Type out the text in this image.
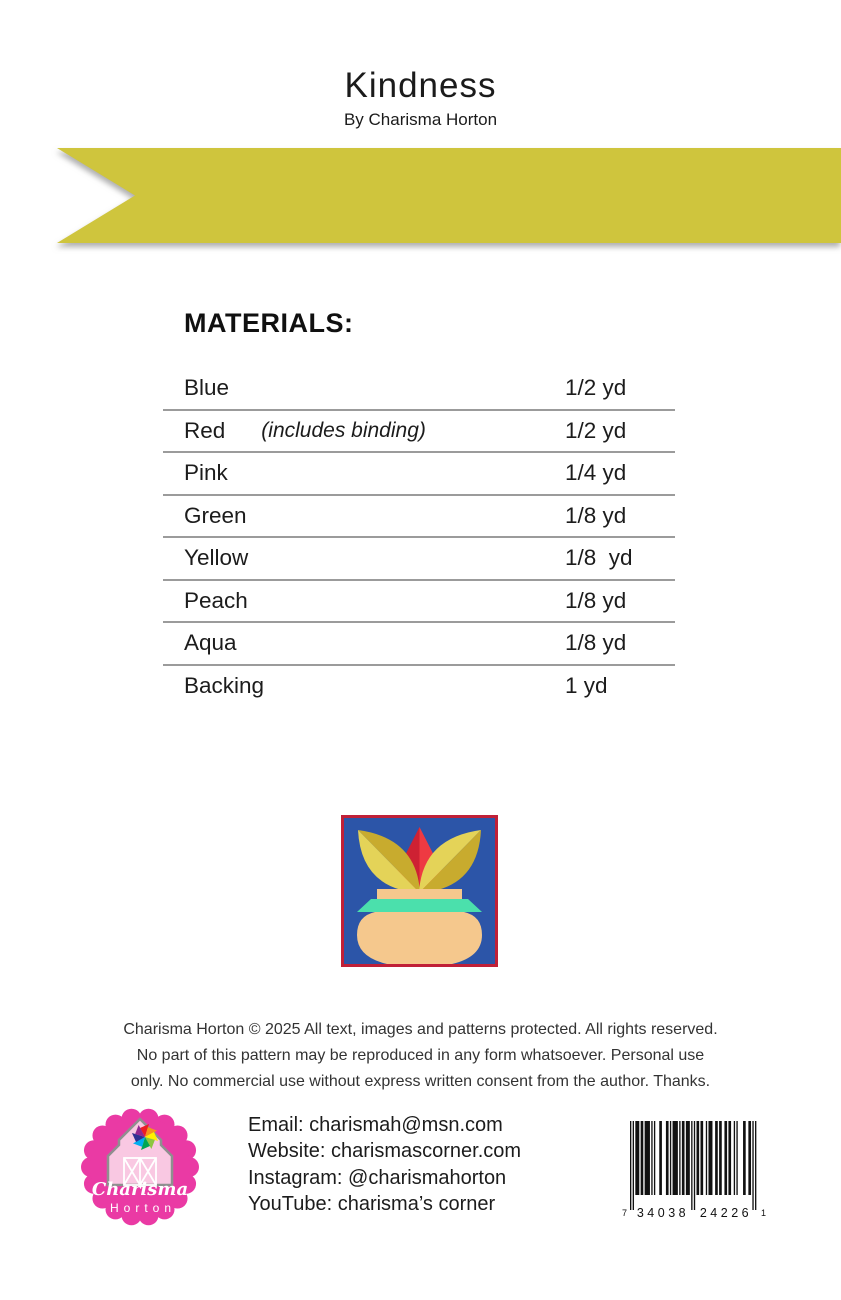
Kindness
By Charisma Horton
MATERIALS:
Blue	1/2 yd
Red (includes binding)	1/2 yd
Pink	1/4 yd
Green	1/8 yd
Yellow	1/8  yd
Peach	1/8 yd
Aqua	1/8 yd
Backing	1 yd
Charisma Horton © 2025 All text, images and patterns protected. All rights reserved.
No part of this pattern may be reproduced in any form whatsoever. Personal use
only. No commercial use without express written consent from the author. Thanks.
Charisma
Horton
Email: charismah@msn.com
Website: charismascorner.com
Instagram: @charismahorton
YouTube: charisma’s corner	7 34038 24226 1
